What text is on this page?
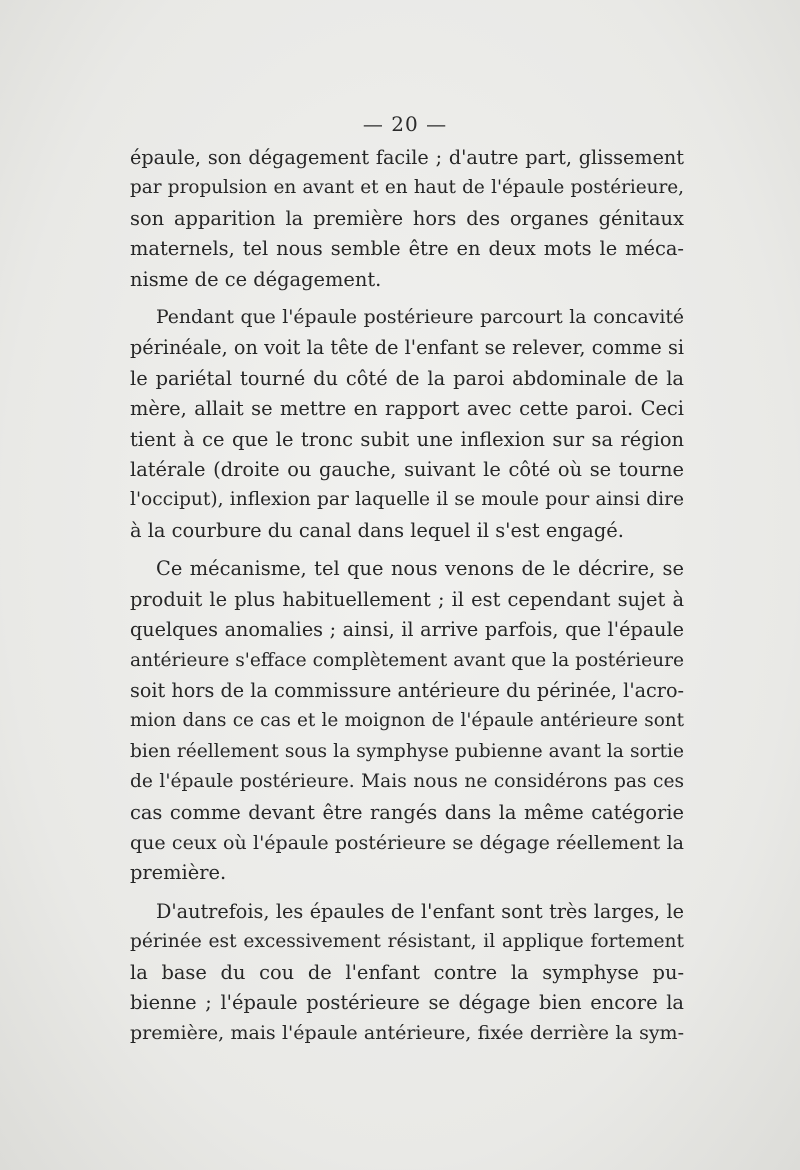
— 20 —
épaule, son dégagement facile ; d'autre part, glissement
par propulsion en avant et en haut de l'épaule postérieure,
son apparition la première hors des organes génitaux
maternels, tel nous semble être en deux mots le méca-
nisme de ce dégagement.
Pendant que l'épaule postérieure parcourt la concavité
périnéale, on voit la tête de l'enfant se relever, comme si
le pariétal tourné du côté de la paroi abdominale de la
mère, allait se mettre en rapport avec cette paroi. Ceci
tient à ce que le tronc subit une inflexion sur sa région
latérale (droite ou gauche, suivant le côté où se tourne
l'occiput), inflexion par laquelle il se moule pour ainsi dire
à la courbure du canal dans lequel il s'est engagé.
Ce mécanisme, tel que nous venons de le décrire, se
produit le plus habituellement ; il est cependant sujet à
quelques anomalies ; ainsi, il arrive parfois, que l'épaule
antérieure s'efface complètement avant que la postérieure
soit hors de la commissure antérieure du périnée, l'acro-
mion dans ce cas et le moignon de l'épaule antérieure sont
bien réellement sous la symphyse pubienne avant la sortie
de l'épaule postérieure. Mais nous ne considérons pas ces
cas comme devant être rangés dans la même catégorie
que ceux où l'épaule postérieure se dégage réellement la
première.
D'autrefois, les épaules de l'enfant sont très larges, le
périnée est excessivement résistant, il applique fortement
la base du cou de l'enfant contre la symphyse pu-
bienne ; l'épaule postérieure se dégage bien encore la
première, mais l'épaule antérieure, fixée derrière la sym-
